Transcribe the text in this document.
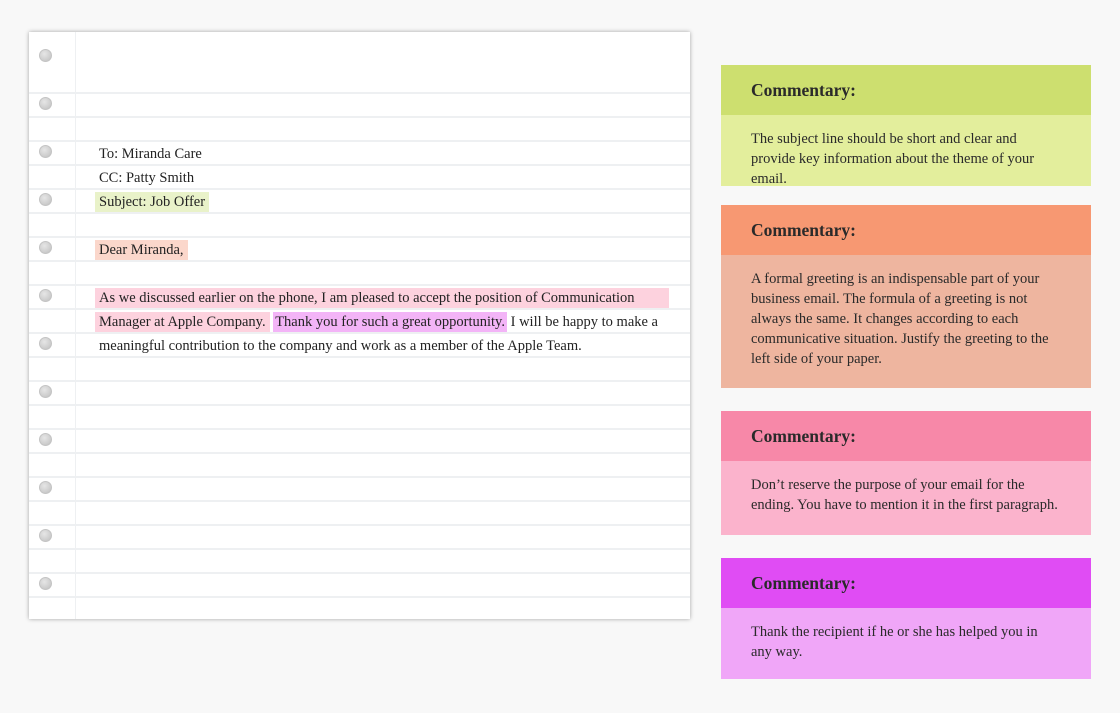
To: Miranda Care
CC: Patty Smith
Subject: Job Offer
Dear Miranda,
As we discussed earlier on the phone, I am pleased to accept the position of Communication
Manager at Apple Company. Thank you for such a great opportunity. I will be happy to make a
meaningful contribution to the company and work as a member of the Apple Team.
Commentary:
The subject line should be short and clear and provide key information about the theme of your email.
Commentary:
A formal greeting is an indispensable part of your business email. The formula of a greeting is not always the same. It changes according to each communicative situation. Justify the greeting to the left side of your paper.
Commentary:
Don’t reserve the purpose of your email for the ending. You have to mention it in the first paragraph.
Commentary:
Thank the recipient if he or she has helped you in any way.
